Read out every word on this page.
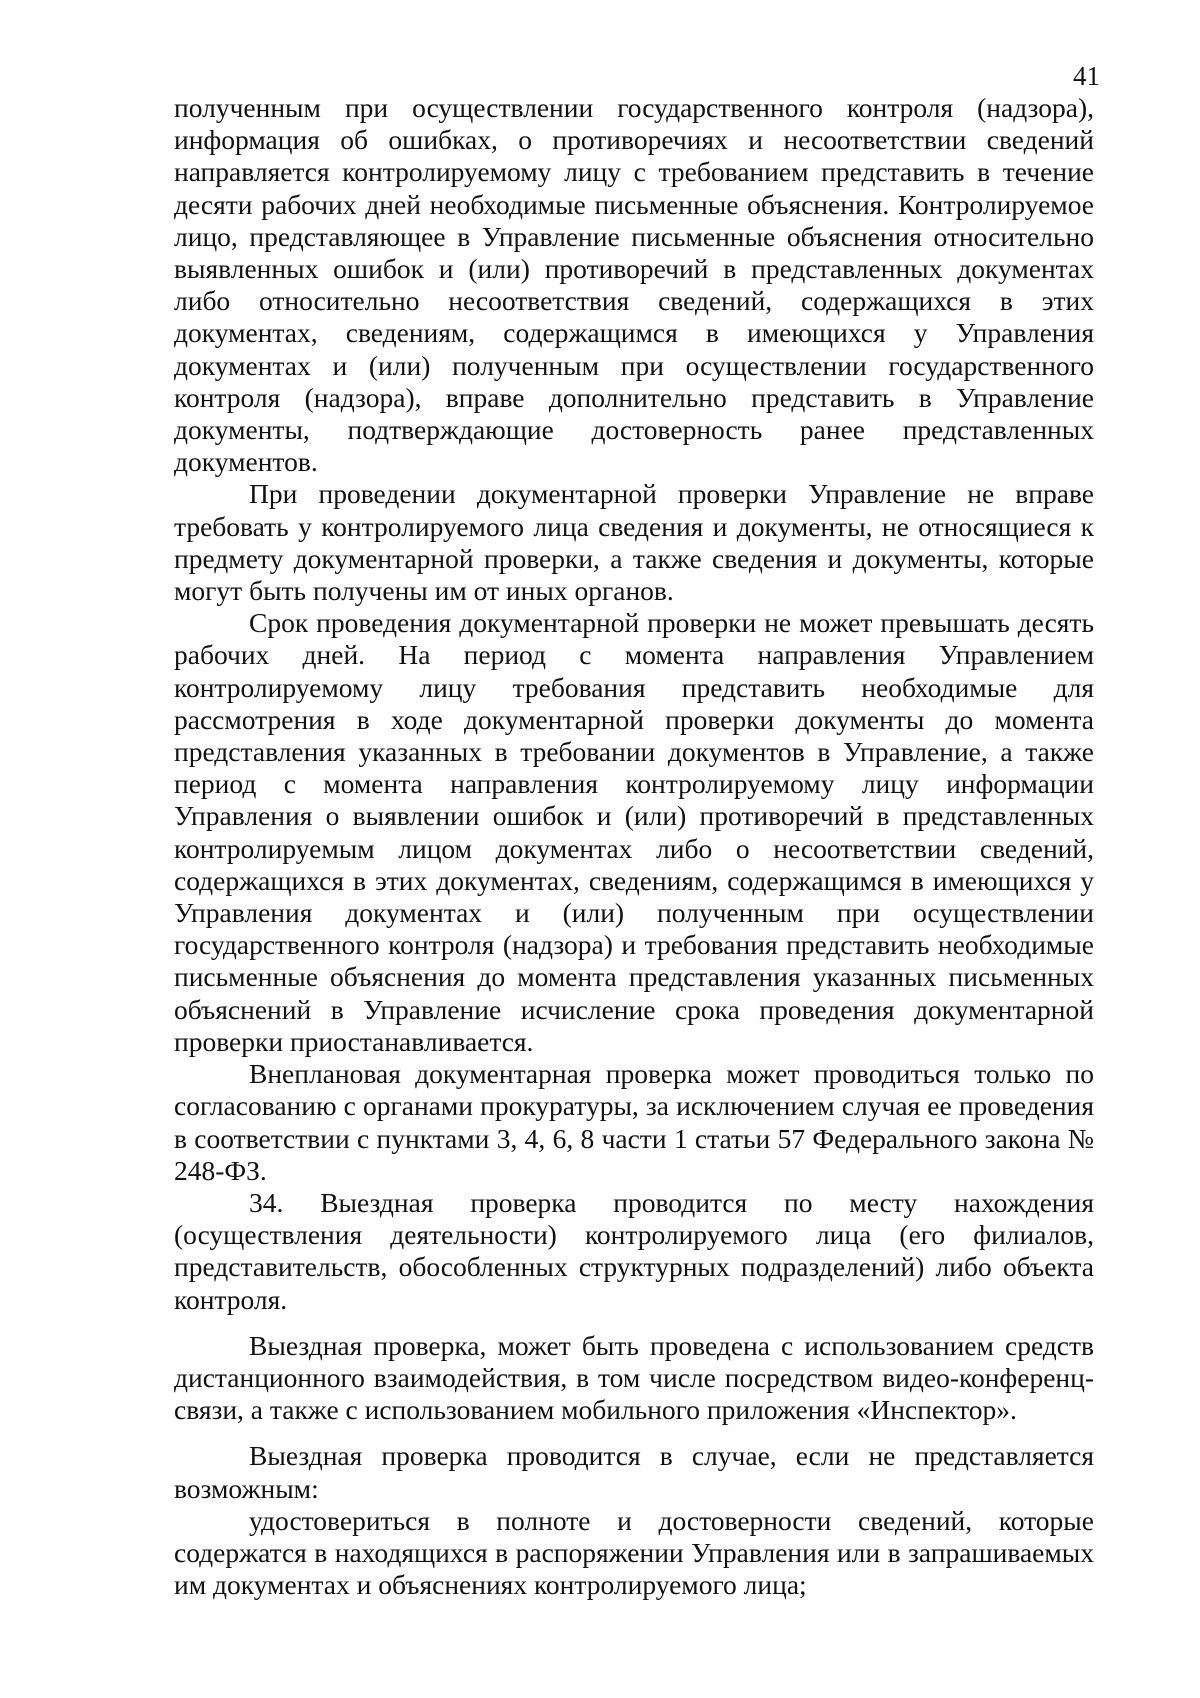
41

полученным при осуществлении государственного контроля (надзора), информация об ошибках, о противоречиях и несоответствии сведений направляется контролируемому лицу с требованием представить в течение десяти рабочих дней необходимые письменные объяснения. Контролируемое лицо, представляющее в Управление письменные объяснения относительно выявленных ошибок и (или) противоречий в представленных документах либо относительно несоответствия сведений, содержащихся в этих документах, сведениям, содержащимся в имеющихся у Управления документах и (или) полученным при осуществлении государственного контроля (надзора), вправе дополнительно представить в Управление документы, подтверждающие достоверность ранее представленных документов.

При проведении документарной проверки Управление не вправе требовать у контролируемого лица сведения и документы, не относящиеся к предмету документарной проверки, а также сведения и документы, которые могут быть получены им от иных органов.

Срок проведения документарной проверки не может превышать десять рабочих дней. На период с момента направления Управлением контролируемому лицу требования представить необходимые для рассмотрения в ходе документарной проверки документы до момента представления указанных в требовании документов в Управление, а также период с момента направления контролируемому лицу информации Управления о выявлении ошибок и (или) противоречий в представленных контролируемым лицом документах либо о несоответствии сведений, содержащихся в этих документах, сведениям, содержащимся в имеющихся у Управления документах и (или) полученным при осуществлении государственного контроля (надзора) и требования представить необходимые письменные объяснения до момента представления указанных письменных объяснений в Управление исчисление срока проведения документарной проверки приостанавливается.

Внеплановая документарная проверка может проводиться только по согласованию с органами прокуратуры, за исключением случая ее проведения в соответствии с пунктами 3, 4, 6, 8 части 1 статьи 57 Федерального закона № 248-ФЗ.

34. Выездная проверка проводится по месту нахождения (осуществления деятельности) контролируемого лица (его филиалов, представительств, обособленных структурных подразделений) либо объекта контроля.

Выездная проверка, может быть проведена с использованием средств дистанционного взаимодействия, в том числе посредством видео-конференц-связи, а также с использованием мобильного приложения «Инспектор».

Выездная проверка проводится в случае, если не представляется возможным:

удостовериться в полноте и достоверности сведений, которые содержатся в находящихся в распоряжении Управления или в запрашиваемых им документах и объяснениях контролируемого лица;
